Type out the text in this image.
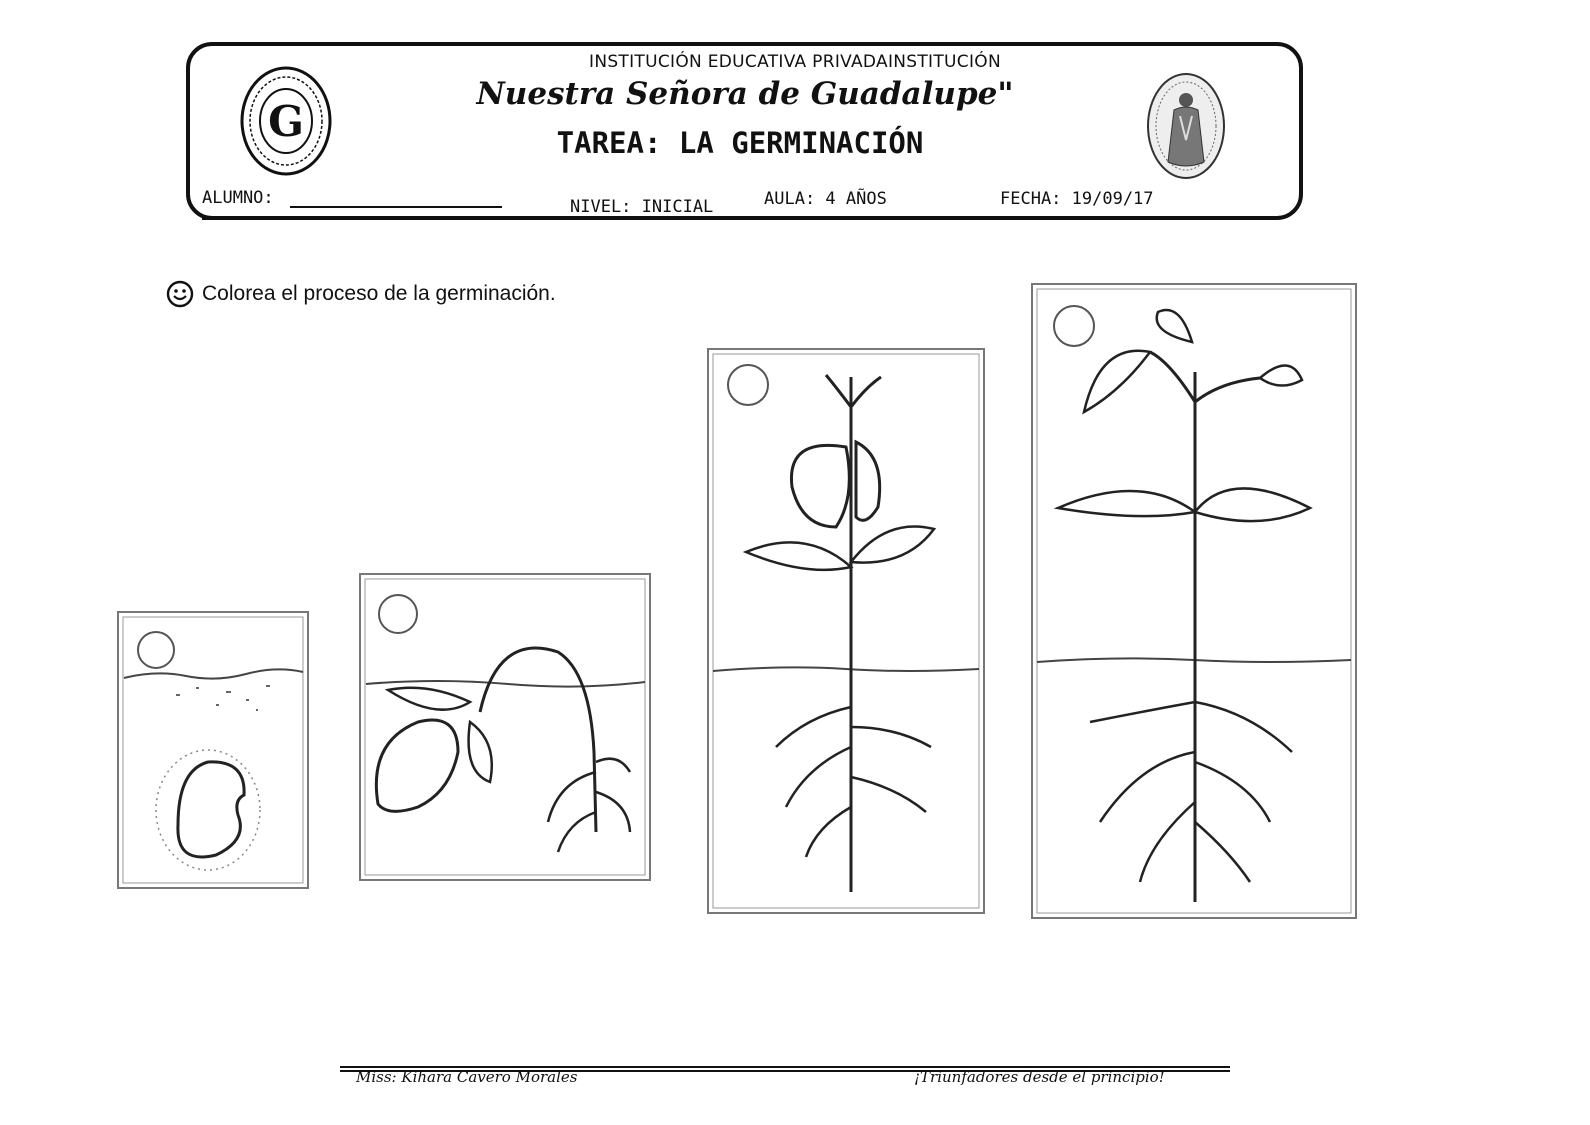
G
INSTITUCIÓN EDUCATIVA PRIVADAINSTITUCIÓN
Nuestra Señora de Guadalupe"
TAREA: LA GERMINACIÓN
ALUMNO:	NIVEL: INICIAL	AULA: 4 AÑOS	FECHA: 19/09/17
Colorea el proceso de la germinación.
Miss: Kihara Cavero Morales	¡Triunfadores desde el principio!
